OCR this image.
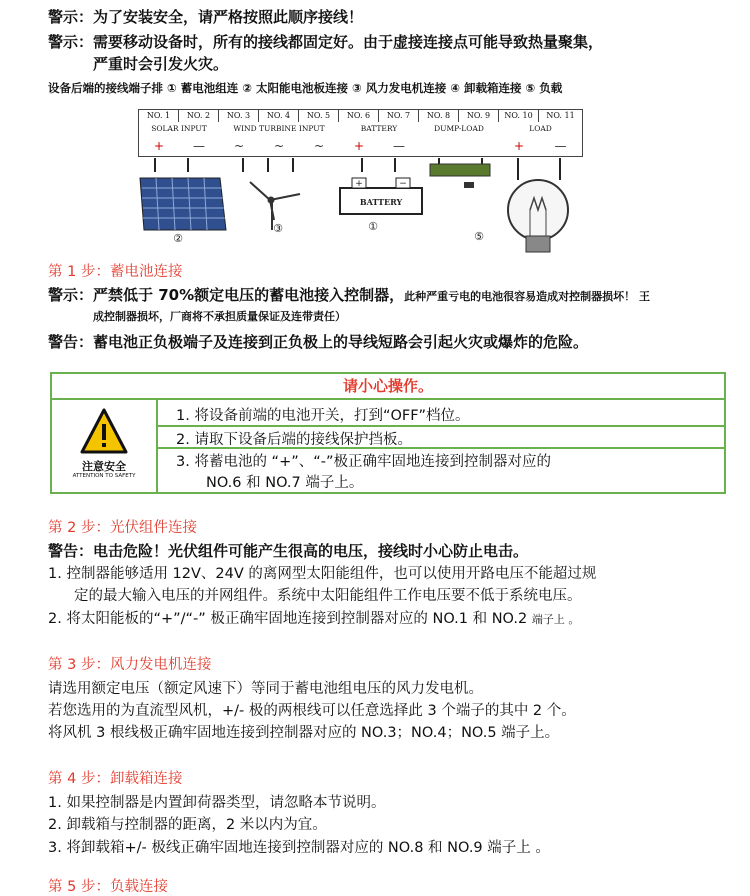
警示：为了安装安全，请严格按照此顺序接线！
警示：需要移动设备时，所有的接线都固定好。由于虚接连接点可能导致热量聚集，
严重时会引发火灾。
设备后端的接线端子排 ① 蓄电池组连 ② 太阳能电池板连接 ③ 风力发电机连接 ④ 卸载箱连接 ⑤ 负载
NO. 1	NO. 2	NO. 3	NO. 4	NO. 5	NO. 6	NO. 7	NO. 8	NO. 9	NO. 10	NO. 11
SOLAR INPUT	WIND TURBINE INPUT	BATTERY	DUMP-LOAD	LOAD
+	—	~	~	~	+	—	+	—
②
③
+	−
BATTERY
①
⑤
第 1 步：蓄电池连接
警示：严禁低于 70%额定电压的蓄电池接入控制器，此种严重亏电的电池很容易造成对控制器损坏！ 王
成控制器损坏，厂商将不承担质量保证及连带责任）
警告：蓄电池正负极端子及连接到正负极上的导线短路会引起火灾或爆炸的危险。
请小心操作。
注意安全
ATTENTION TO SAFETY
1. 将设备前端的电池开关，打到“OFF”档位。
2. 请取下设备后端的接线保护挡板。
3. 将蓄电池的 “+”、“-”极正确牢固地连接到控制器对应的
NO.6 和 NO.7 端子上。
第 2 步：光伏组件连接
警告：电击危险！光伏组件可能产生很高的电压，接线时小心防止电击。
1. 控制器能够适用 12V、24V 的离网型太阳能组件，也可以使用开路电压不能超过规
定的最大输入电压的并网组件。系统中太阳能组件工作电压要不低于系统电压。
2. 将太阳能板的“+”/“-” 极正确牢固地连接到控制器对应的 NO.1 和 NO.2 端子上 。
第 3 步：风力发电机连接
请选用额定电压（额定风速下）等同于蓄电池组电压的风力发电机。
若您选用的为直流型风机，+/- 极的两根线可以任意选择此 3 个端子的其中 2 个。
将风机 3 根线极正确牢固地连接到控制器对应的 NO.3；NO.4；NO.5 端子上。
第 4 步：卸载箱连接
1. 如果控制器是内置卸荷器类型，请忽略本节说明。
2. 卸载箱与控制器的距离，2 米以内为宜。
3. 将卸载箱+/- 极线正确牢固地连接到控制器对应的 NO.8 和 NO.9 端子上 。
第 5 步：负载连接
